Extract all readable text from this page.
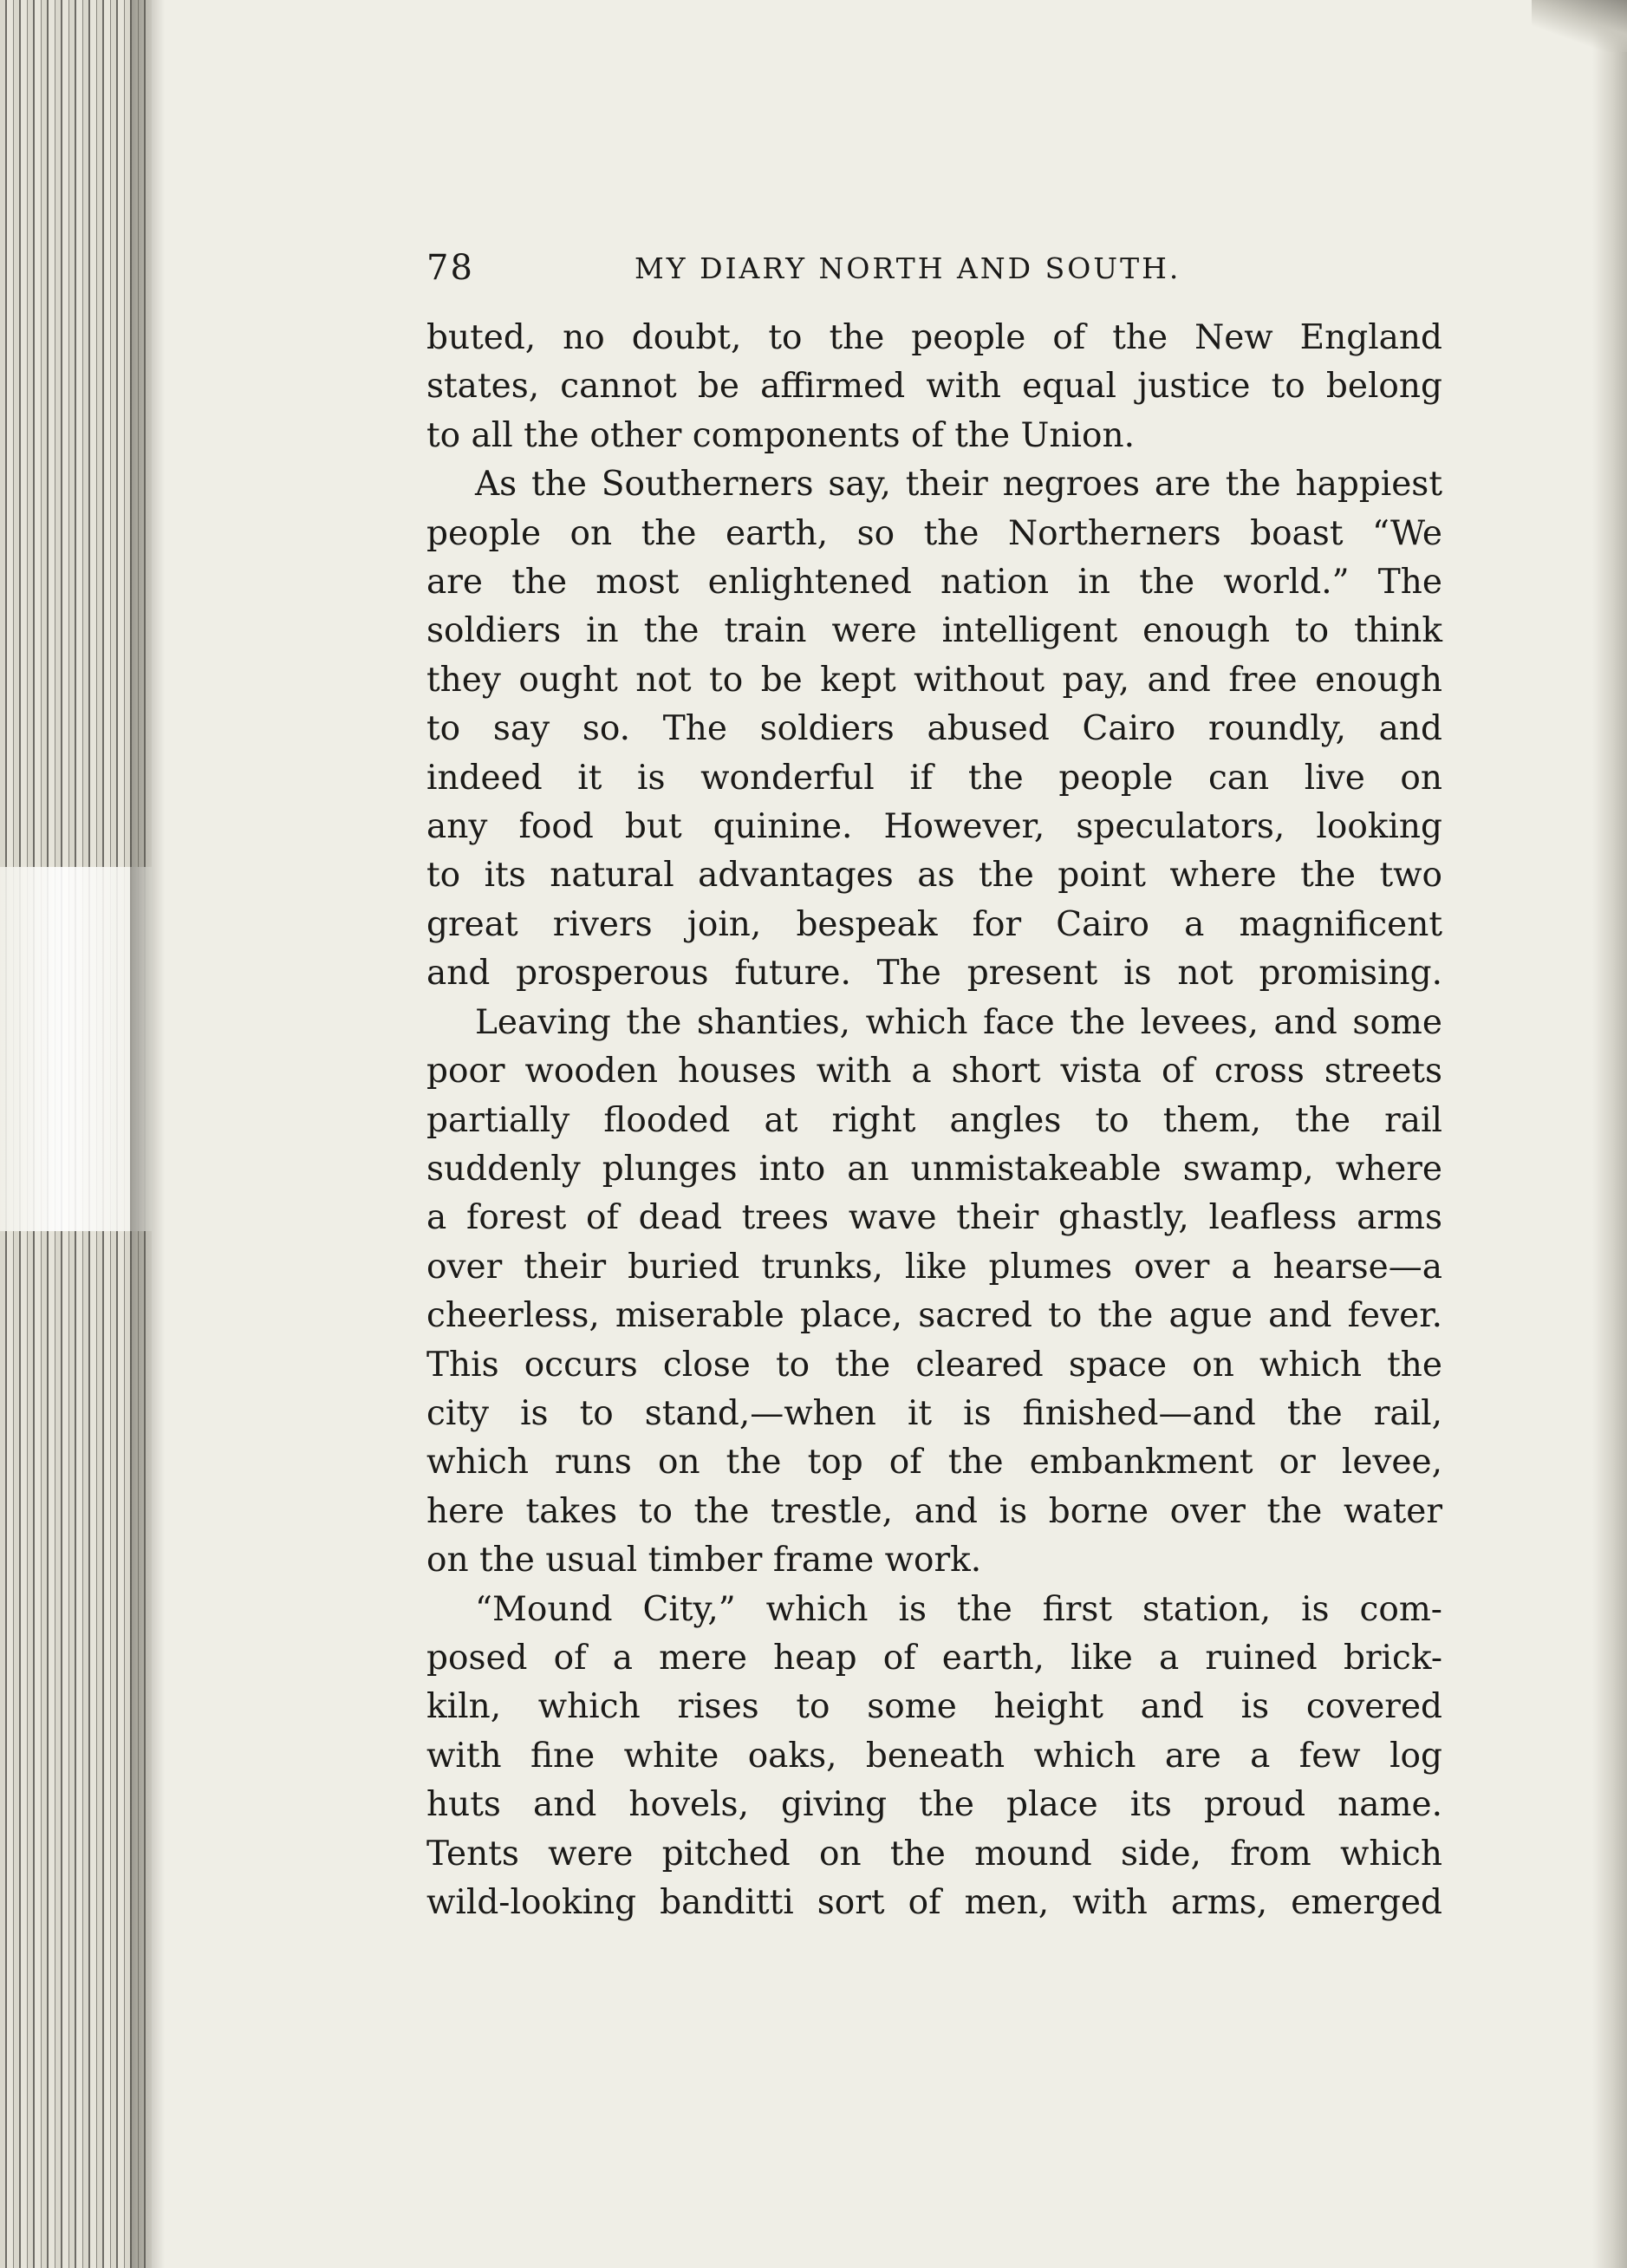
78	MY DIARY NORTH AND SOUTH.

buted, no doubt, to the people of the New England
states, cannot be affirmed with equal justice to belong
to all the other components of the Union.

As the Southerners say, their negroes are the happiest
people on the earth, so the Northerners boast “We
are the most enlightened nation in the world.” The
soldiers in the train were intelligent enough to think
they ought not to be kept without pay, and free enough
to say so. The soldiers abused Cairo roundly, and
indeed it is wonderful if the people can live on
any food but quinine. However, speculators, looking
to its natural advantages as the point where the two
great rivers join, bespeak for Cairo a magnificent
and prosperous future. The present is not promising.

Leaving the shanties, which face the levees, and some
poor wooden houses with a short vista of cross streets
partially flooded at right angles to them, the rail
suddenly plunges into an unmistakeable swamp, where
a forest of dead trees wave their ghastly, leafless arms
over their buried trunks, like plumes over a hearse—a
cheerless, miserable place, sacred to the ague and fever.
This occurs close to the cleared space on which the
city is to stand,—when it is finished—and the rail,
which runs on the top of the embankment or levee,
here takes to the trestle, and is borne over the water
on the usual timber frame work.

“Mound City,” which is the first station, is com-
posed of a mere heap of earth, like a ruined brick-
kiln, which rises to some height and is covered
with fine white oaks, beneath which are a few log
huts and hovels, giving the place its proud name.
Tents were pitched on the mound side, from which
wild-looking banditti sort of men, with arms, emerged
